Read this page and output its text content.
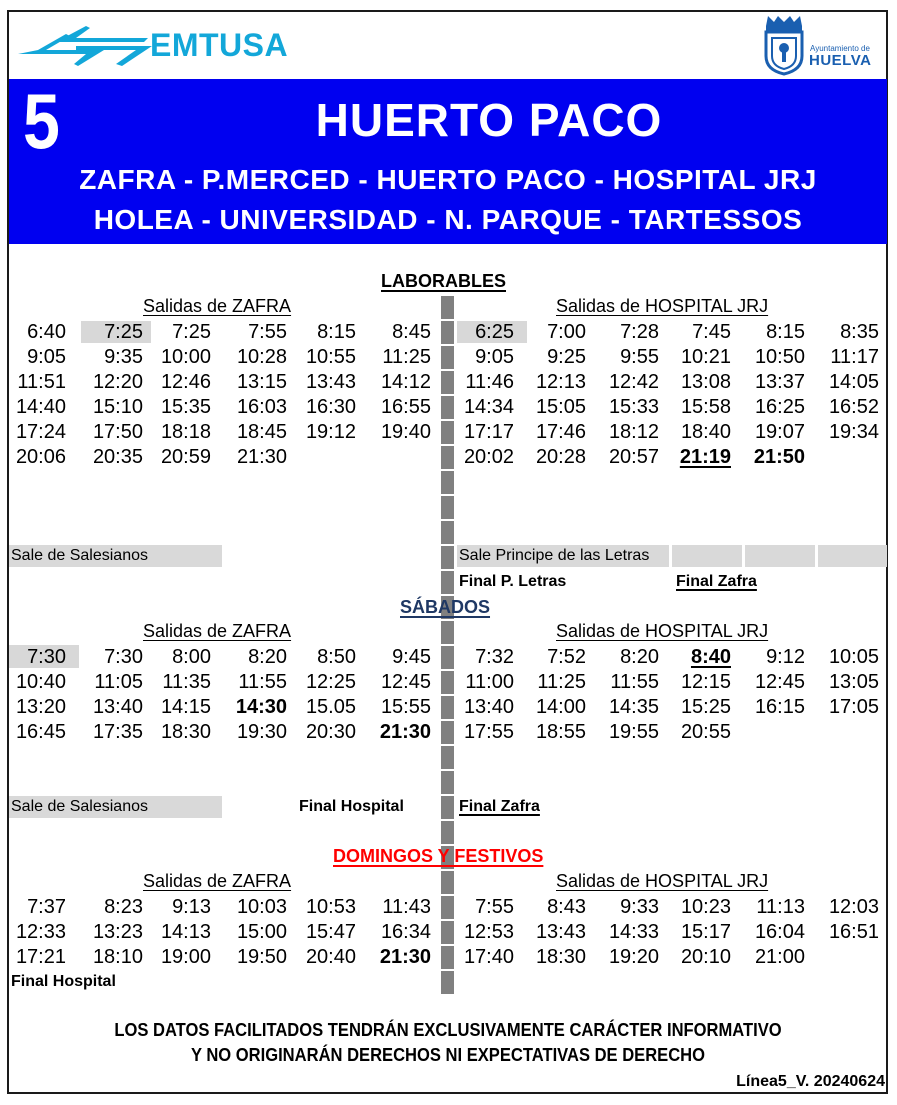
EMTUSA	Ayuntamiento de
HUELVA
5	HUERTO PACO
ZAFRA - P.MERCED - HUERTO PACO - HOSPITAL JRJ
HOLEA - UNIVERSIDAD - N. PARQUE - TARTESSOS
LABORABLES
Salidas de ZAFRA	Salidas de HOSPITAL JRJ
6:40	7:25	7:25	7:55	8:15	8:45
9:05	9:35 10:00	10:28 10:55	11:25
11:51	12:20 12:46	13:15 13:43	14:12
14:40	15:10 15:35	16:03 16:30	16:55
17:24	17:50 18:18	18:45 19:12	19:40
20:06	20:35 20:59	21:30
6:25	7:00	7:28	7:45	8:15	8:35
9:05	9:25	9:55	10:21	10:50	11:17
11:46	12:13	12:42	13:08	13:37	14:05
14:34	15:05	15:33	15:58	16:25	16:52
17:17	17:46	18:12	18:40	19:07	19:34
20:02	20:28	20:57	21:19	21:50
Sale de Salesianos	Sale Principe de las Letras
Final P. Letras	Final Zafra
SÁBADOS
Salidas de ZAFRA	Salidas de HOSPITAL JRJ
7:30	7:30	8:00	8:20	8:50	9:45
10:40	11:05 11:35	11:55 12:25	12:45
13:20	13:40 14:15	14:30 15.05	15:55
16:45	17:35 18:30	19:30 20:30	21:30
7:32	7:52	8:20	8:40	9:12	10:05
11:00	11:25	11:55	12:15	12:45	13:05
13:40	14:00	14:35	15:25	16:15	17:05
17:55	18:55	19:55	20:55
Sale de Salesianos	Final Hospital	Final Zafra
DOMINGOS Y FESTIVOS
Salidas de ZAFRA	Salidas de HOSPITAL JRJ
7:37	8:23	9:13	10:03 10:53	11:43
12:33	13:23 14:13	15:00 15:47	16:34
17:21	18:10 19:00	19:50 20:40	21:30
7:55	8:43	9:33	10:23	11:13	12:03
12:53	13:43	14:33	15:17	16:04	16:51
17:40	18:30	19:20	20:10	21:00
Final Hospital
LOS DATOS FACILITADOS TENDRÁN EXCLUSIVAMENTE CARÁCTER INFORMATIVO
Y NO ORIGINARÁN DERECHOS NI EXPECTATIVAS DE DERECHO
Línea5_V. 20240624
